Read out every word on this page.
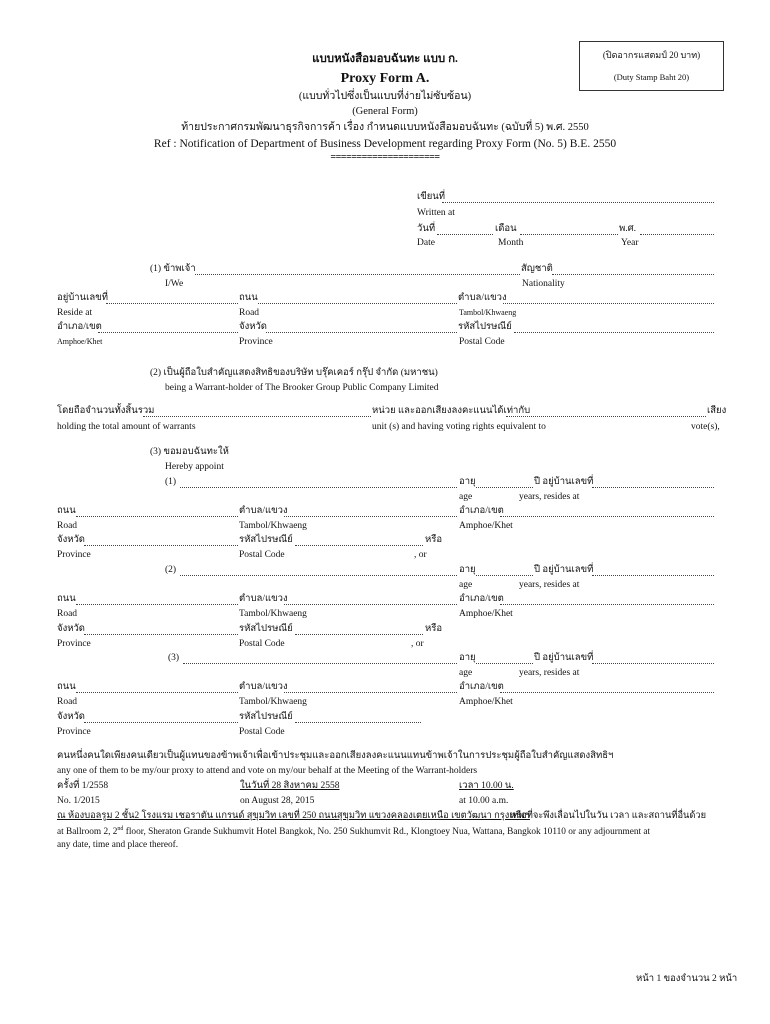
(ปิดอากรแสตมป์ 20 บาท)
(Duty Stamp Baht 20)
แบบหนังสือมอบฉันทะ แบบ ก.
Proxy Form A.
(แบบทั่วไปซึ่งเป็นแบบที่ง่ายไม่ซับซ้อน)
(General Form)
ท้ายประกาศกรมพัฒนาธุรกิจการค้า เรื่อง กำหนดแบบหนังสือมอบฉันทะ (ฉบับที่ 5) พ.ศ. 2550
Ref : Notification of Department of Business Development regarding Proxy Form (No. 5) B.E. 2550
=====================
เขียนที่
Written at
วันที่	เดือน	พ.ศ.
Date	Month	Year
(1) ข้าพเจ้า	สัญชาติ
I/We	Nationality
อยู่บ้านเลขที่	ถนน	ตำบล/แขวง
Reside at	Road	Tambol/Khwaeng
อำเภอ/เขต	จังหวัด	รหัสไปรษณีย์
Amphoe/Khet	Province	Postal Code
(2) เป็นผู้ถือใบสำคัญแสดงสิทธิของบริษัท บรุ๊คเคอร์ กรุ๊ป จำกัด (มหาชน)
being a Warrant-holder of The Brooker Group Public Company Limited
โดยถือจำนวนทั้งสิ้นรวม	หน่วย และออกเสียงลงคะแนนได้เท่ากับ	เสียง
holding the total amount of warrants	unit (s) and having voting rights equivalent to	vote(s),
(3) ขอมอบฉันทะให้
Hereby appoint
(1)	อายุ	ปี อยู่บ้านเลขที่
age	years, resides at
ถนน	ตำบล/แขวง	อำเภอ/เขต
Road	Tambol/Khwaeng	Amphoe/Khet
จังหวัด	รหัสไปรษณีย์	หรือ
Province	Postal Code	, or
(2)	อายุ	ปี อยู่บ้านเลขที่
age	years, resides at
ถนน	ตำบล/แขวง	อำเภอ/เขต
Road	Tambol/Khwaeng	Amphoe/Khet
จังหวัด	รหัสไปรษณีย์	หรือ
Province	Postal Code	, or
(3)	อายุ	ปี อยู่บ้านเลขที่
age	years, resides at
ถนน	ตำบล/แขวง	อำเภอ/เขต
Road	Tambol/Khwaeng	Amphoe/Khet
จังหวัด	รหัสไปรษณีย์
Province	Postal Code
คนหนึ่งคนใดเพียงคนเดียวเป็นผู้แทนของข้าพเจ้าเพื่อเข้าประชุมและออกเสียงลงคะแนนแทนข้าพเจ้าในการประชุมผู้ถือใบสำคัญแสดงสิทธิฯ
any one of them to be my/our proxy to attend and vote on my/our behalf at the Meeting of the Warrant-holders
ครั้งที่ 1/2558	ในวันที่ 28 สิงหาคม 2558	เวลา 10.00 น.
No. 1/2015	on August 28, 2015	at 10.00 a.m.
ณ ห้องบอลรูม 2 ชั้น2 โรงแรม เชอราตัน แกรนด์ สุขุมวิท เลขที่ 250 ถนนสุขุมวิท แขวงคลองเตยเหนือ เขตวัฒนา กรุงเทพฯ
หรือที่จะพึงเลื่อนไปในวัน เวลา และสถานที่อื่นด้วย
at Ballroom 2, 2nd floor, Sheraton Grande Sukhumvit Hotel Bangkok, No. 250 Sukhumvit Rd., Klongtoey Nua, Wattana, Bangkok 10110 or any adjournment at
any date, time and place thereof.
หน้า 1 ของจำนวน 2 หน้า
